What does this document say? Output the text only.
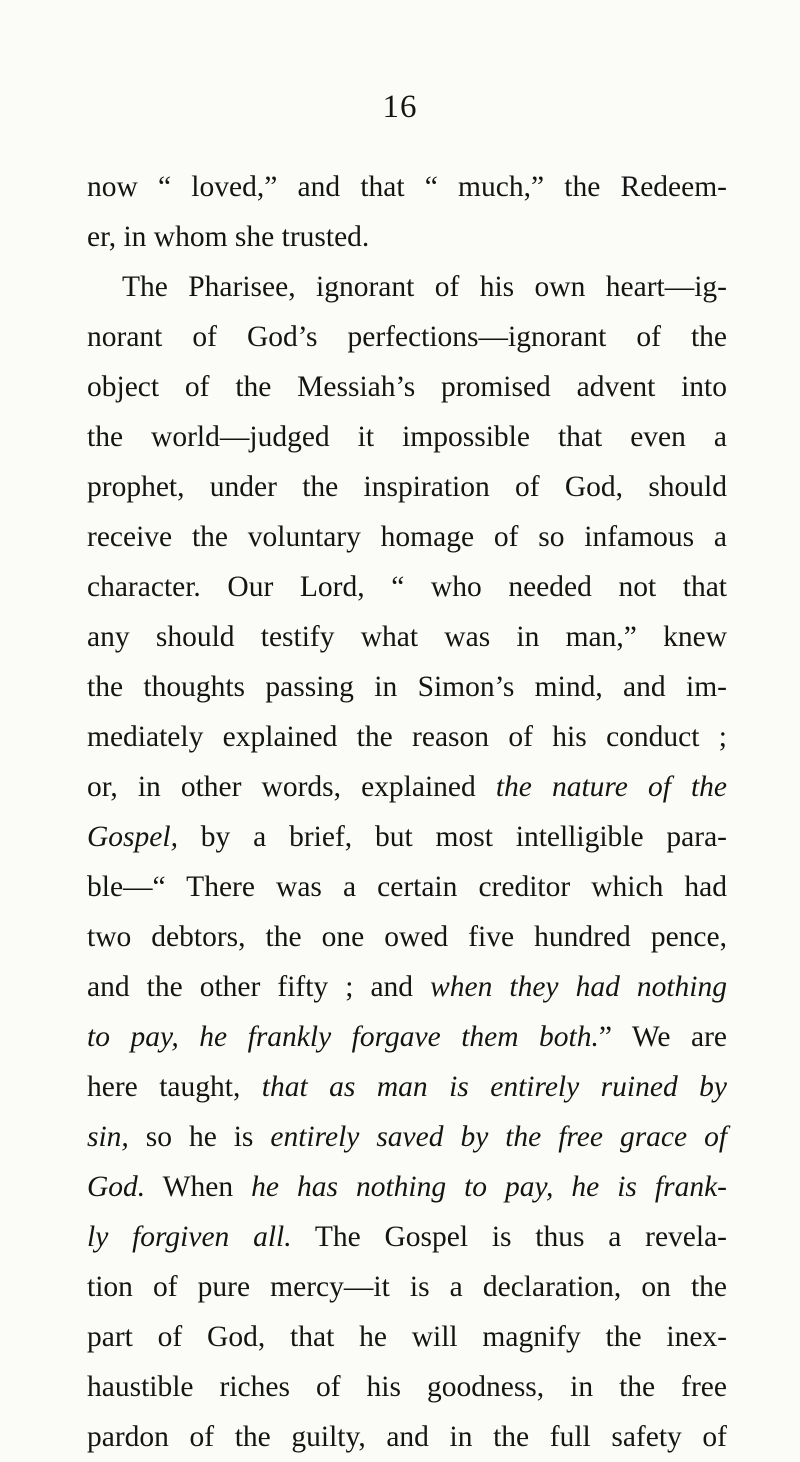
16
now “ loved,” and that “ much,” the Redeem-
er, in whom she trusted.
The Pharisee, ignorant of his own heart—ig-
norant of God’s perfections—ignorant of the
object of the Messiah’s promised advent into
the world—judged it impossible that even a
prophet, under the inspiration of God, should
receive the voluntary homage of so infamous a
character. Our Lord, “ who needed not that
any should testify what was in man,” knew
the thoughts passing in Simon’s mind, and im-
mediately explained the reason of his conduct ;
or, in other words, explained the nature of the
Gospel, by a brief, but most intelligible para-
ble—“ There was a certain creditor which had
two debtors, the one owed five hundred pence,
and the other fifty ; and when they had nothing
to pay, he frankly forgave them both.” We are
here taught, that as man is entirely ruined by
sin, so he is entirely saved by the free grace of
God. When he has nothing to pay, he is frank-
ly forgiven all. The Gospel is thus a revela-
tion of pure mercy—it is a declaration, on the
part of God, that he will magnify the inex-
haustible riches of his goodness, in the free
pardon of the guilty, and in the full safety of
